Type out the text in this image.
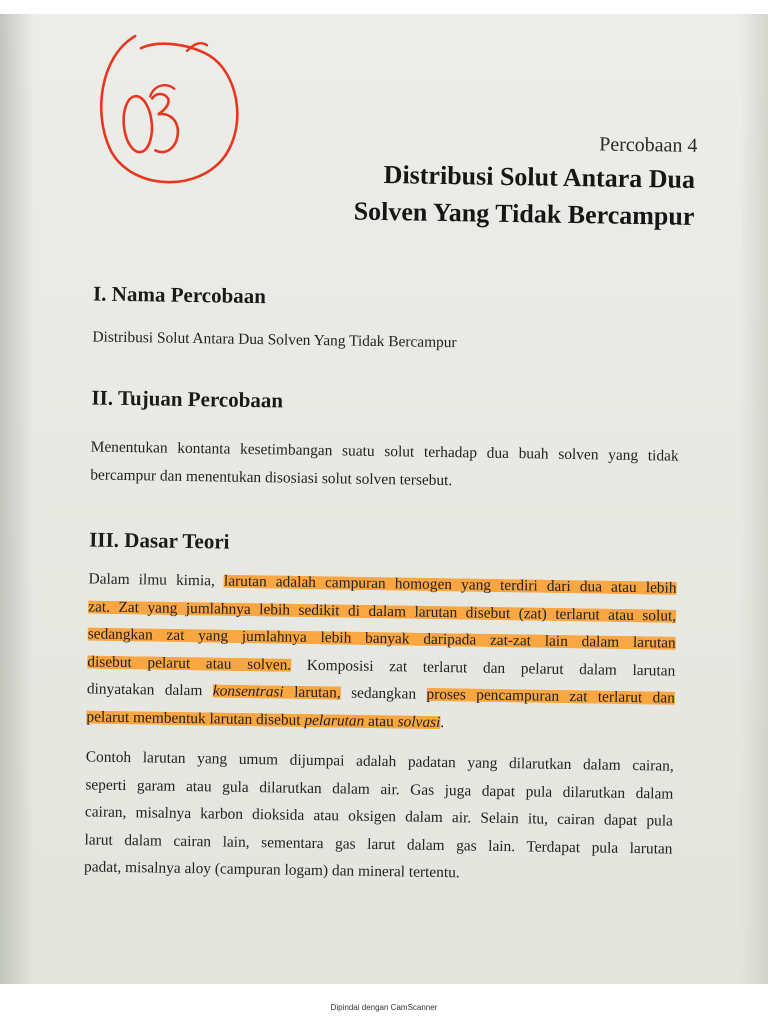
Percobaan 4
Distribusi Solut Antara Dua
Solven Yang Tidak Bercampur
I. Nama Percobaan
Distribusi Solut Antara Dua Solven Yang Tidak Bercampur
II. Tujuan Percobaan
Menentukan kontanta kesetimbangan suatu solut terhadap dua buah solven yang tidak
bercampur dan menentukan disosiasi solut solven tersebut.
III. Dasar Teori
Dalam ilmu kimia, larutan adalah campuran homogen yang terdiri dari dua atau lebih
zat. Zat yang jumlahnya lebih sedikit di dalam larutan disebut (zat) terlarut atau solut,
sedangkan zat yang jumlahnya lebih banyak daripada zat-zat lain dalam larutan
disebut pelarut atau solven. Komposisi zat terlarut dan pelarut dalam larutan
dinyatakan dalam konsentrasi larutan, sedangkan proses pencampuran zat terlarut dan
pelarut membentuk larutan disebut pelarutan atau solvasi.
Contoh larutan yang umum dijumpai adalah padatan yang dilarutkan dalam cairan,
seperti garam atau gula dilarutkan dalam air. Gas juga dapat pula dilarutkan dalam
cairan, misalnya karbon dioksida atau oksigen dalam air. Selain itu, cairan dapat pula
larut dalam cairan lain, sementara gas larut dalam gas lain. Terdapat pula larutan
padat, misalnya aloy (campuran logam) dan mineral tertentu.
Dipindai dengan CamScanner
